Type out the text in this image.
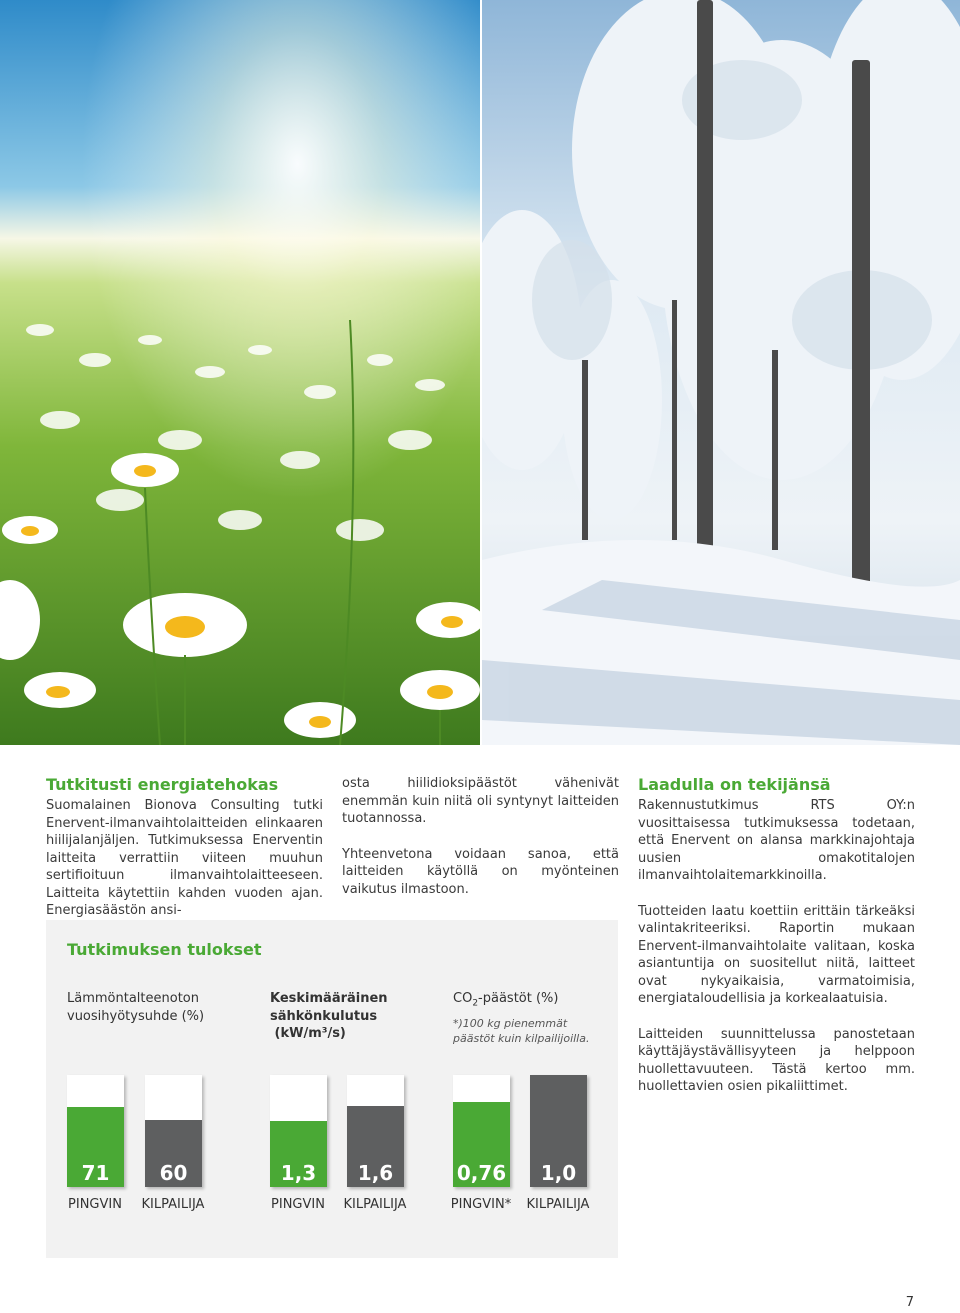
Tutkitusti energiatehokas

Suomalainen Bionova Consulting tutki Enervent-ilmanvaihtolaitteiden elinkaaren hiilijalanjäljen. Tutkimuksessa Enerventin laitteita verrattiin viiteen muuhun sertifioituun ilmanvaihtolaitteeseen. Laitteita käytettiin kahden vuoden ajan. Energiasäästön ansi-

osta hiilidioksipäästöt vähenivät enemmän kuin niitä oli syntynyt laitteiden tuotannossa.

Yhteenvetona voidaan sanoa, että laitteiden käytöllä on myönteinen vaikutus ilmastoon.

Laadulla on tekijänsä

Rakennustutkimus RTS OY:n vuosittaisessa tutkimuksessa todetaan, että Enervent on alansa markkinajohtaja uusien omakotitalojen ilmanvaihtolaitemarkkinoilla.

Tuotteiden laatu koettiin erittäin tärkeäksi valintakriteeriksi. Raportin mukaan Enervent-ilmanvaihtolaite valitaan, koska asiantuntija on suositellut niitä, laitteet ovat nykyaikaisia, varmatoimisia, energiataloudellisia ja korkealaatuisia.

Laitteiden suunnittelussa panostetaan käyttäjäystävällisyyteen ja helppoon huollettavuuteen. Tästä kertoo mm. huollettavien osien pikaliittimet.

Tutkimuksen tulokset
Lämmöntalteenoton
vuosihyötysuhde (%)
Keskimääräinen
sähkönkulutus
(kW/m³/s)
$CO_2$-päästöt (%)
*)100 kg pienemmät
päästöt kuin kilpailijoilla.
71	60
PINGVIN	KILPAILIJA
1,3	1,6
PINGVIN	KILPAILIJA
0,76	1,0
PINGVIN*	KILPAILIJA
7
